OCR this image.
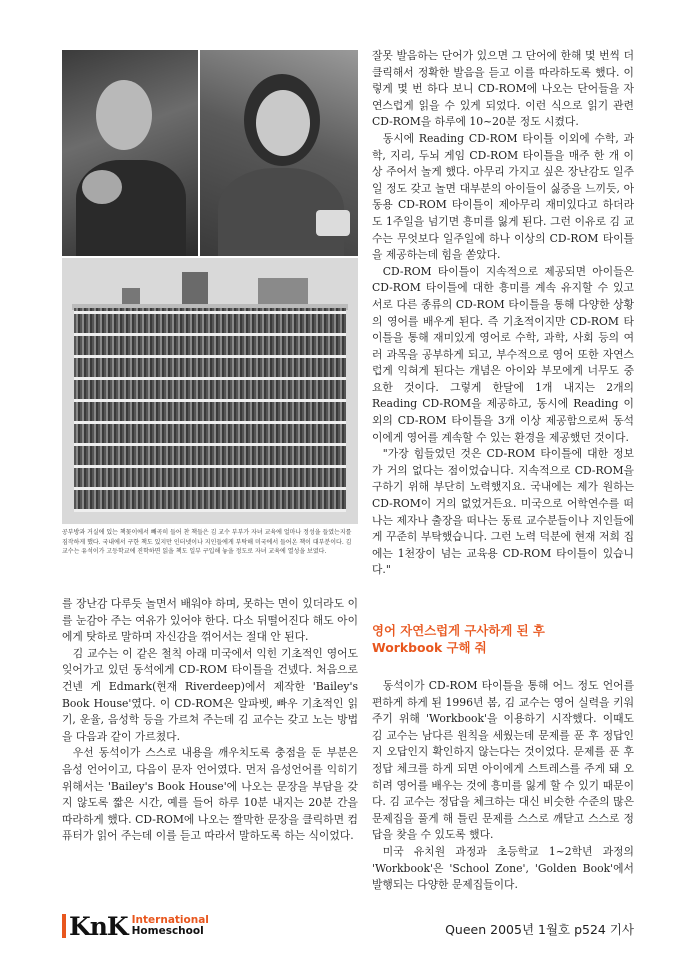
공부방과 거실에 있는 책꽂이에서 빼곡히 들어 찬 책들은 김 교수 부부가 자녀 교육에 얼마나 정성을 들였는지를 짐작하게 했다. 국내에서 구한 책도 있지만 인터넷이나 지인들에게 부탁해 미국에서 들어온 책이 대부분이다. 김 교수는 유석이가 고등학교에 진학하면 읽을 책도 일부 구입해 놓을 정도로 자녀 교육에 열성을 보였다.

를 장난감 다루듯 놀면서 배워야 하며, 못하는 면이 있더라도 이를 눈감아 주는 여유가 있어야 한다. 다소 뒤떨어진다 해도 아이에게 탓하로 말하며 자신감을 꺾어서는 절대 안 된다.

김 교수는 이 같은 철칙 아래 미국에서 익힌 기초적인 영어도 잊어가고 있던 동석에게 CD-ROM 타이틀을 건넸다. 처음으로 건넨 게 Edmark(현재 Riverdeep)에서 제작한 'Bailey's Book House'였다. 이 CD-ROM은 알파벳, 빠우 기초적인 읽기, 운율, 음성학 등을 가르쳐 주는데 김 교수는 갖고 노는 방법을 다음과 같이 가르쳤다.

우선 동석이가 스스로 내용을 깨우치도록 충점을 둔 부분은 음성 언어이고, 다음이 문자 언어였다. 먼저 음성언어를 익히기 위해서는 'Bailey's Book House'에 나오는 문장을 부담을 갖지 않도록 짧은 시간, 예를 들어 하루 10분 내지는 20분 간을 따라하게 했다. CD-ROM에 나오는 짤막한 문장을 클릭하면 컴퓨터가 읽어 주는데 이를 듣고 따라서 말하도록 하는 식이었다.

잘못 발음하는 단어가 있으면 그 단어에 한해 몇 번씩 더 클릭해서 정확한 발음을 듣고 이를 따라하도록 했다. 이렇게 몇 번 하다 보니 CD-ROM에 나오는 단어들을 자연스럽게 읽을 수 있게 되었다. 이런 식으로 읽기 관련 CD-ROM을 하루에 10~20분 정도 시켰다.

동시에 Reading CD-ROM 타이틀 이외에 수학, 과학, 지리, 두뇌 게임 CD-ROM 타이틀을 매주 한 개 이상 주어서 놀게 했다. 아무리 가지고 싶은 장난감도 일주일 정도 갖고 놀면 대부분의 아이들이 싫증을 느끼듯, 아동용 CD-ROM 타이틀이 제아무리 재미있다고 하더라도 1주일을 넘기면 흥미를 잃게 된다. 그런 이유로 김 교수는 무엇보다 일주일에 하나 이상의 CD-ROM 타이틀을 제공하는데 힘을 쏟았다.

CD-ROM 타이틀이 지속적으로 제공되면 아이들은 CD-ROM 타이틀에 대한 흥미를 계속 유지할 수 있고 서로 다른 종류의 CD-ROM 타이틀을 통해 다양한 상황의 영어를 배우게 된다. 즉 기초적이지만 CD-ROM 타이틀을 통해 재미있게 영어로 수학, 과학, 사회 등의 여러 과목을 공부하게 되고, 부수적으로 영어 또한 자연스럽게 익혀게 된다는 개념은 아이와 부모에게 너무도 중요한 것이다. 그렇게 한달에 1개 내지는 2개의 Reading CD-ROM을 제공하고, 동시에 Reading 이외의 CD-ROM 타이틀을 3개 이상 제공함으로써 동석이에게 영어를 계속할 수 있는 환경을 제공했던 것이다.

"가장 힘들었던 것은 CD-ROM 타이틀에 대한 정보가 거의 없다는 점이었습니다. 지속적으로 CD-ROM을 구하기 위해 부단히 노력했지요. 국내에는 제가 원하는 CD-ROM이 거의 없었거든요. 미국으로 어학연수를 떠나는 제자나 출장을 떠나는 동료 교수분들이나 지인들에게 꾸준히 부탁했습니다. 그런 노력 덕분에 현재 저희 집에는 1천장이 넘는 교육용 CD-ROM 타이틀이 있습니다."

영어 자연스럽게 구사하게 된 후
Workbook 구해 줘

동석이가 CD-ROM 타이틀을 통해 어느 정도 언어를 편하게 하게 된 1996년 봄, 김 교수는 영어 실력을 키워 주기 위해 'Workbook'을 이용하기 시작했다. 이때도 김 교수는 남다른 원칙을 세웠는데 문제를 푼 후 정답인지 오답인지 확인하지 않는다는 것이었다. 문제를 푼 후 정답 체크를 하게 되면 아이에게 스트레스를 주게 돼 오히려 영어를 배우는 것에 흥미를 잃게 할 수 있기 때문이다. 김 교수는 정답을 체크하는 대신 비슷한 수준의 많은 문제집을 풀게 해 틀린 문제를 스스로 깨닫고 스스로 정답을 찾을 수 있도록 했다.

미국 유치원 과정과 초등학교 1~2학년 과정의 'Workbook'은 'School Zone', 'Golden Book'에서 발행되는 다양한 문제집들이다.

KnK International
Homeschool	Queen 2005년 1월호 p524 기사
